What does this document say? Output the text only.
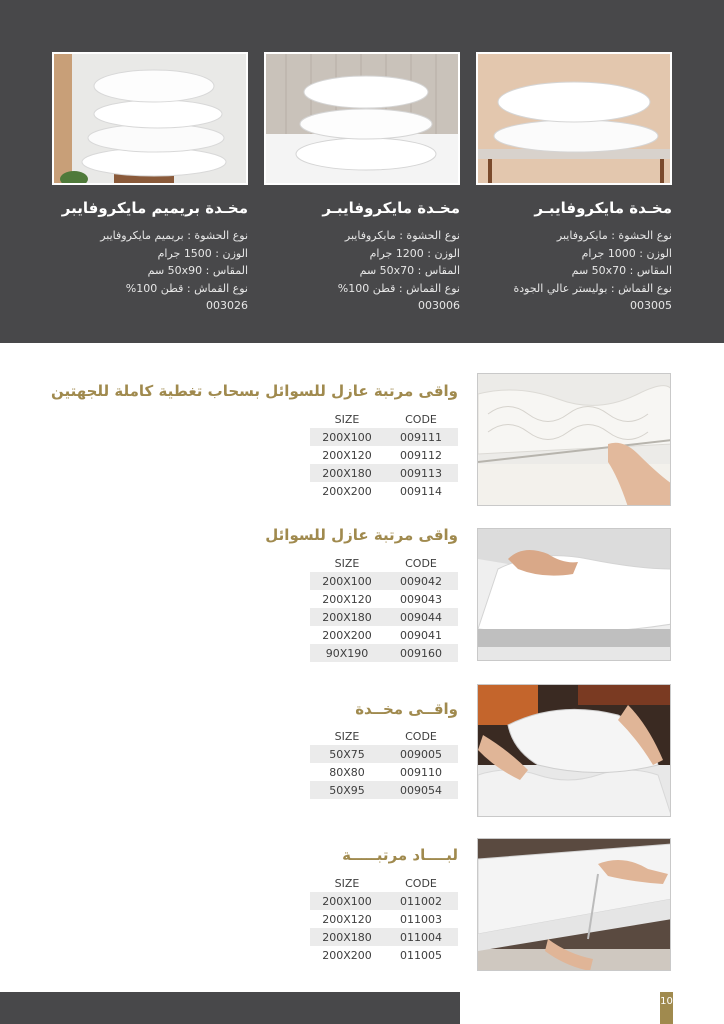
مخـدة بريميم مايكروفايبر
نوع الحشوة : بريميم مايكروفايبر
الوزن : 1500 جرام
المقاس : 50x90 سم
نوع القماش : قطن 100%
003026
مخـدة مايكروفايبـر
نوع الحشوة : مايكروفايبر
الوزن : 1200 جرام
المقاس : 50x70 سم
نوع القماش : قطن 100%
003006
مخـدة مايكروفايبـر
نوع الحشوة : مايكروفايبر
الوزن : 1000 جرام
المقاس : 50x70 سم
نوع القماش : بوليستر عالي الجودة
003005
واقى مرتبة عازل للسوائل بسحاب تغطية كاملة للجهتين
SIZE	CODE
200X100	009111
200X120	009112
200X180	009113
200X200	009114
واقى مرتبة عازل للسوائل
SIZE	CODE
200X100	009042
200X120	009043
200X180	009044
200X200	009041
90X190	009160
واقــى مخــدة
SIZE	CODE
50X75	009005
80X80	009110
50X95	009054
لبــــاد مرتبـــــة
SIZE	CODE
200X100	011002
200X120	011003
200X180	011004
200X200	011005
10
